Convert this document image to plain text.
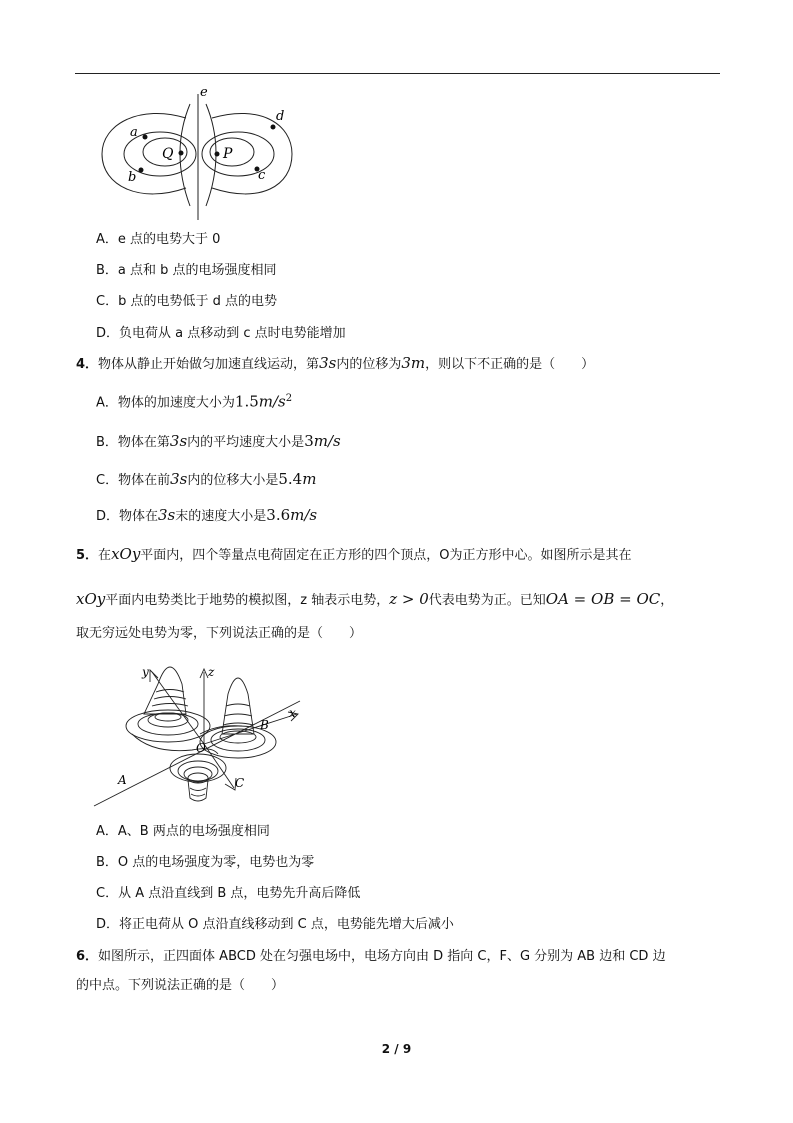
e
d
a
b	c
Q	P
A．e 点的电势大于 0
B．a 点和 b 点的电场强度相同
C．b 点的电势低于 d 点的电势
D．负电荷从 a 点移动到 c 点时电势能增加
4．物体从静止开始做匀加速直线运动，第3s内的位移为3m，则以下不正确的是（　　）
A．物体的加速度大小为$1.5m/s^2$
B．物体在第3s内的平均速度大小是3m/s
C．物体在前3s内的位移大小是5.4m
D．物体在3s末的速度大小是3.6m/s
5．在xOy平面内，四个等量点电荷固定在正方形的四个顶点，O为正方形中心。如图所示是其在
xOy平面内电势类比于地势的模拟图，z 轴表示电势，z > 0代表电势为正。已知OA = OB = OC，
取无穷远处电势为零，下列说法正确的是（　　）
y	z
x
O
A
B
C
A．A、B 两点的电场强度相同
B．O 点的电场强度为零，电势也为零
C．从 A 点沿直线到 B 点，电势先升高后降低
D．将正电荷从 O 点沿直线移动到 C 点，电势能先增大后减小
6．如图所示，正四面体 ABCD 处在匀强电场中，电场方向由 D 指向 C，F、G 分别为 AB 边和 CD 边
的中点。下列说法正确的是（　　）
2 / 9
